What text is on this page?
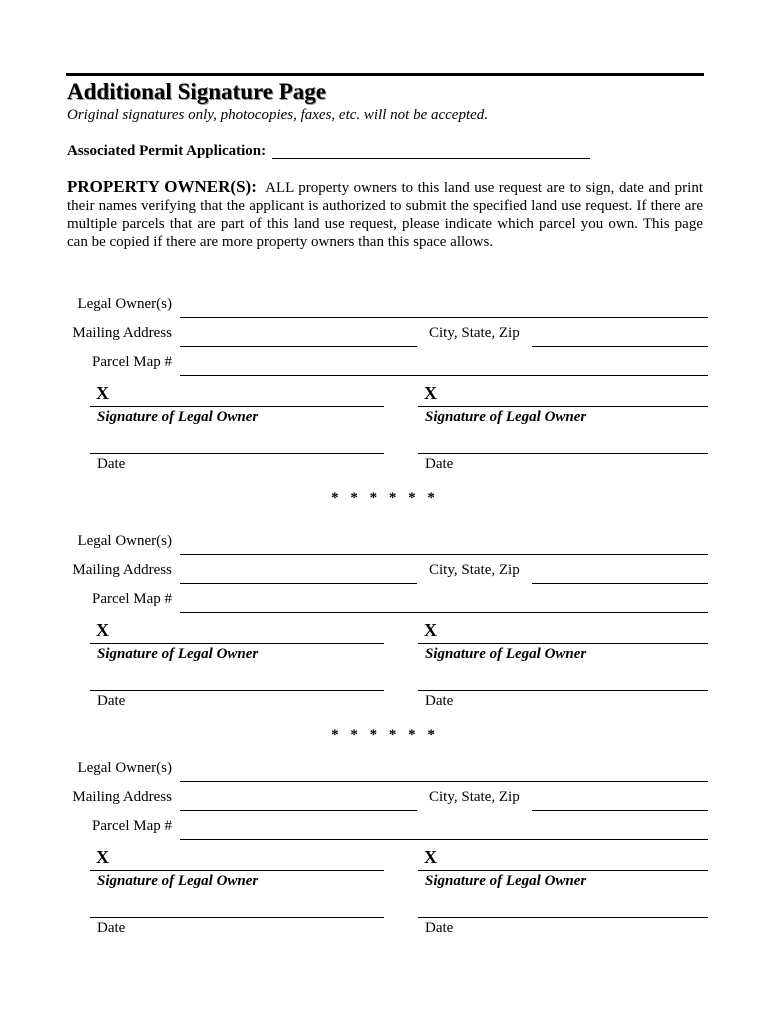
Additional Signature Page
Original signatures only, photocopies, faxes, etc. will not be accepted.
Associated Permit Application:

PROPERTY OWNER(S): ALL property owners to this land use request are to sign, date and print their names verifying that the applicant is authorized to submit the specified land use request. If there are multiple parcels that are part of this land use request, please indicate which parcel you own. This page can be copied if there are more property owners than this space allows.

Legal Owner(s)
Mailing Address	City, State, Zip
Parcel Map #
X
Signature of Legal Owner
Date
X
Signature of Legal Owner
Date
* * * * * *
Legal Owner(s)
Mailing Address	City, State, Zip
Parcel Map #
X
Signature of Legal Owner
Date
X
Signature of Legal Owner
Date
* * * * * *
Legal Owner(s)
Mailing Address	City, State, Zip
Parcel Map #
X
Signature of Legal Owner
Date
X
Signature of Legal Owner
Date
